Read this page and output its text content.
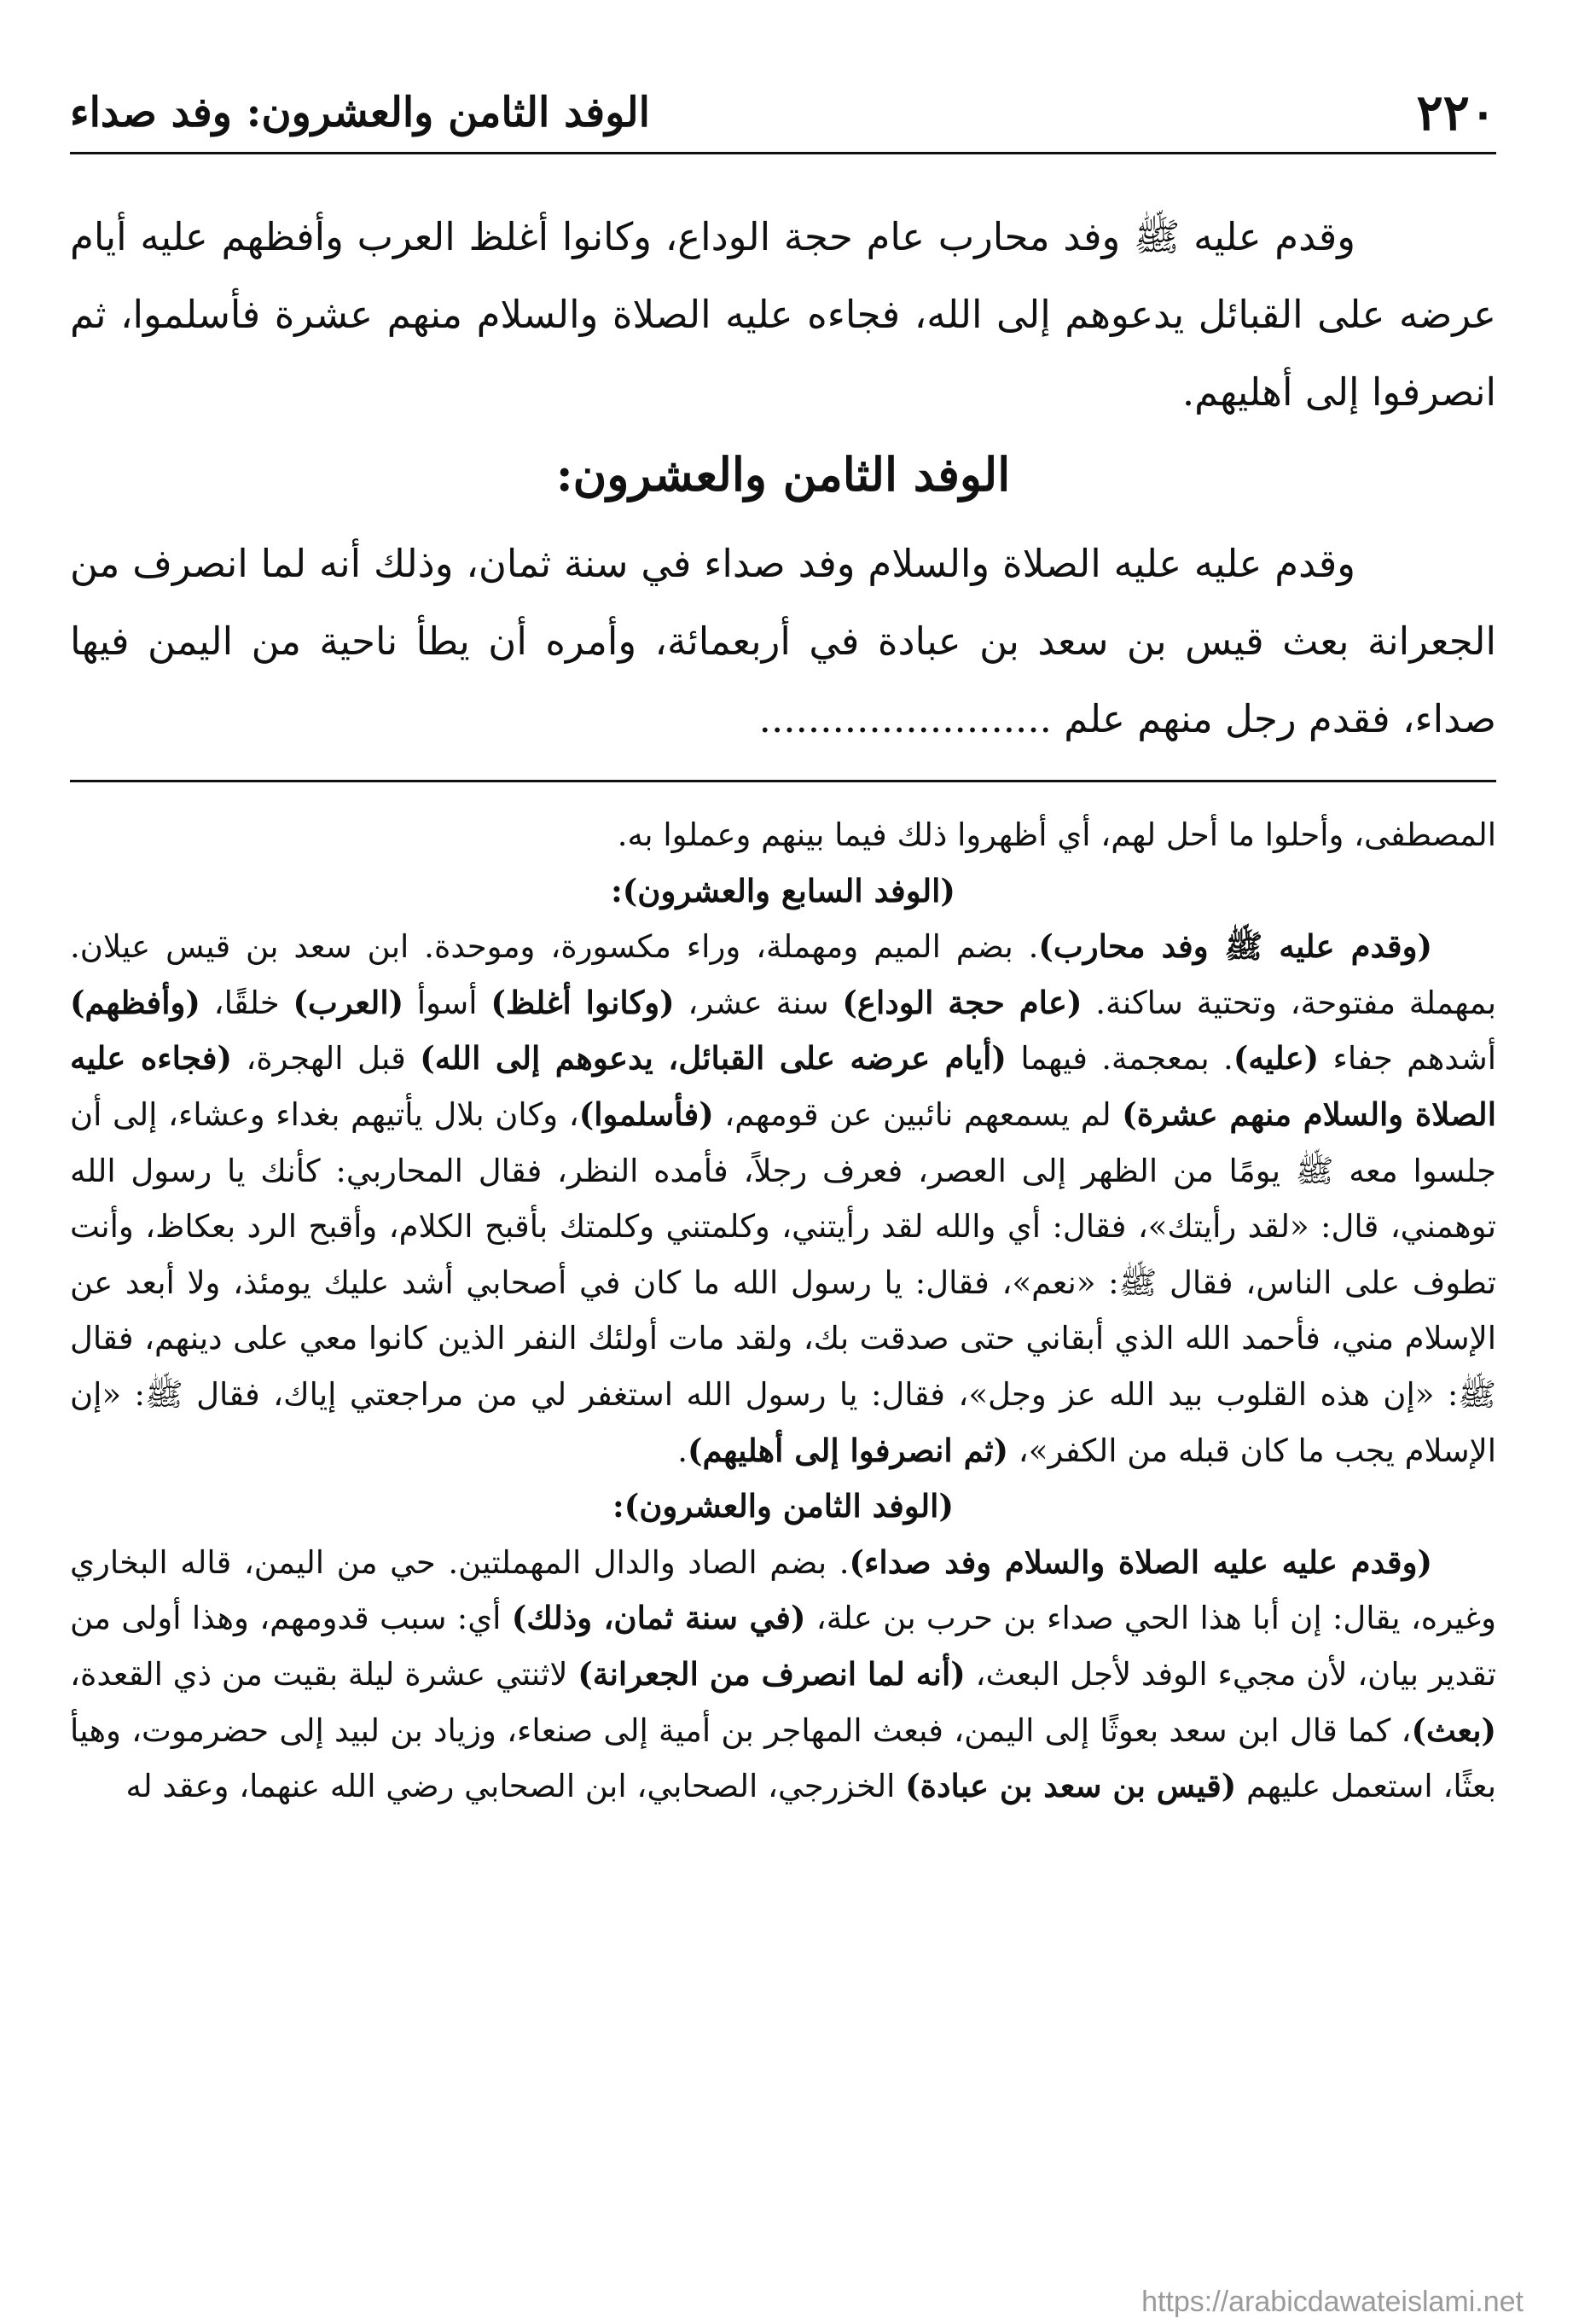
٢٢٠
الوفد الثامن والعشرون: وفد صداء

وقدم عليه ﷺ وفد محارب عام حجة الوداع، وكانوا أغلظ العرب وأفظهم عليه أيام عرضه على القبائل يدعوهم إلى الله، فجاءه عليه الصلاة والسلام منهم عشرة فأسلموا، ثم انصرفوا إلى أهليهم.

الوفد الثامن والعشرون:

وقدم عليه عليه الصلاة والسلام وفد صداء في سنة ثمان، وذلك أنه لما انصرف من الجعرانة بعث قيس بن سعد بن عبادة في أربعمائة، وأمره أن يطأ ناحية من اليمن فيها صداء، فقدم رجل منهم علم ........................

المصطفى، وأحلوا ما أحل لهم، أي أظهروا ذلك فيما بينهم وعملوا به.

(الوفد السابع والعشرون):

(وقدم عليه ﷺ وفد محارب). بضم الميم ومهملة، وراء مكسورة، وموحدة. ابن سعد بن قيس عيلان. بمهملة مفتوحة، وتحتية ساكنة. (عام حجة الوداع) سنة عشر، (وكانوا أغلظ) أسوأ (العرب) خلقًا، (وأفظهم) أشدهم جفاء (عليه). بمعجمة. فيهما (أيام عرضه على القبائل، يدعوهم إلى الله) قبل الهجرة، (فجاءه عليه الصلاة والسلام منهم عشرة) لم يسمعهم نائبين عن قومهم، (فأسلموا)، وكان بلال يأتيهم بغداء وعشاء، إلى أن جلسوا معه ﷺ يومًا من الظهر إلى العصر، فعرف رجلاً، فأمده النظر، فقال المحاربي: كأنك يا رسول الله توهمني، قال: «لقد رأيتك»، فقال: أي والله لقد رأيتني، وكلمتني وكلمتك بأقبح الكلام، وأقبح الرد بعكاظ، وأنت تطوف على الناس، فقال ﷺ: «نعم»، فقال: يا رسول الله ما كان في أصحابي أشد عليك يومئذ، ولا أبعد عن الإسلام مني، فأحمد الله الذي أبقاني حتى صدقت بك، ولقد مات أولئك النفر الذين كانوا معي على دينهم، فقال ﷺ: «إن هذه القلوب بيد الله عز وجل»، فقال: يا رسول الله استغفر لي من مراجعتي إياك، فقال ﷺ: «إن الإسلام يجب ما كان قبله من الكفر»، (ثم انصرفوا إلى أهليهم).

(الوفد الثامن والعشرون):

(وقدم عليه عليه الصلاة والسلام وفد صداء). بضم الصاد والدال المهملتين. حي من اليمن، قاله البخاري وغيره، يقال: إن أبا هذا الحي صداء بن حرب بن علة، (في سنة ثمان، وذلك) أي: سبب قدومهم، وهذا أولى من تقدير بيان، لأن مجيء الوفد لأجل البعث، (أنه لما انصرف من الجعرانة) لاثنتي عشرة ليلة بقيت من ذي القعدة، (بعث)، كما قال ابن سعد بعوثًا إلى اليمن، فبعث المهاجر بن أمية إلى صنعاء، وزياد بن لبيد إلى حضرموت، وهيأ بعثًا، استعمل عليهم (قيس بن سعد بن عبادة) الخزرجي، الصحابي، ابن الصحابي رضي الله عنهما، وعقد له

https://arabicdawateislami.net
